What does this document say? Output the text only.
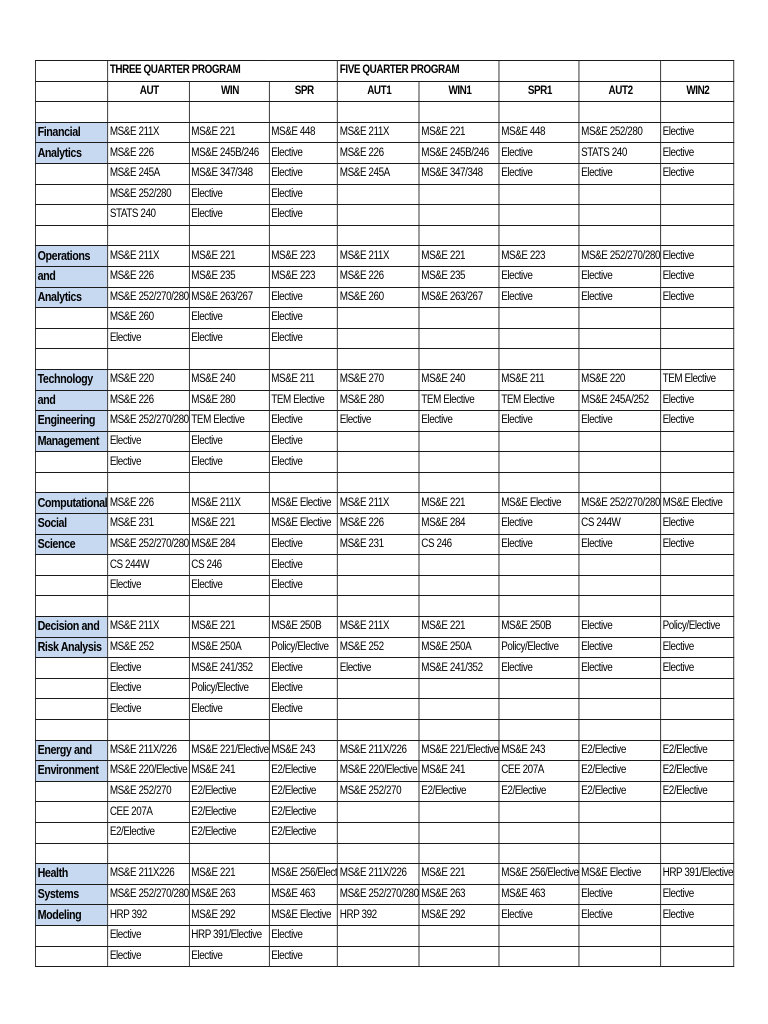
	THREE QUARTER PROGRAM			FIVE QUARTER PROGRAM				
	AUT	WIN	SPR	AUT1	WIN1	SPR1	AUT2	WIN2

Financial	MS&E 211X	MS&E 221	MS&E 448	MS&E 211X	MS&E 221	MS&E 448	MS&E 252/280	Elective
Analytics	MS&E 226	MS&E 245B/246	Elective	MS&E 226	MS&E 245B/246	Elective	STATS 240	Elective
	MS&E 245A	MS&E 347/348	Elective	MS&E 245A	MS&E 347/348	Elective	Elective	Elective
	MS&E 252/280	Elective	Elective					
	STATS 240	Elective	Elective					

Operations	MS&E 211X	MS&E 221	MS&E 223	MS&E 211X	MS&E 221	MS&E 223	MS&E 252/270/280	Elective
and	MS&E 226	MS&E 235	MS&E 223	MS&E 226	MS&E 235	Elective	Elective	Elective
Analytics	MS&E 252/270/280	MS&E 263/267	Elective	MS&E 260	MS&E 263/267	Elective	Elective	Elective
	MS&E 260	Elective	Elective					
	Elective	Elective	Elective					

Technology	MS&E 220	MS&E 240	MS&E 211	MS&E 270	MS&E 240	MS&E 211	MS&E 220	TEM Elective
and	MS&E 226	MS&E 280	TEM Elective	MS&E 280	TEM Elective	TEM Elective	MS&E 245A/252	Elective
Engineering	MS&E 252/270/280	TEM Elective	Elective	Elective	Elective	Elective	Elective	Elective
Management	Elective	Elective	Elective					
	Elective	Elective	Elective					

Computational	MS&E 226	MS&E 211X	MS&E Elective	MS&E 211X	MS&E 221	MS&E Elective	MS&E 252/270/280	MS&E Elective
Social	MS&E 231	MS&E 221	MS&E Elective	MS&E 226	MS&E 284	Elective	CS 244W	Elective
Science	MS&E 252/270/280	MS&E 284	Elective	MS&E 231	CS 246	Elective	Elective	Elective
	CS 244W	CS 246	Elective					
	Elective	Elective	Elective					

Decision and	MS&E 211X	MS&E 221	MS&E 250B	MS&E 211X	MS&E 221	MS&E 250B	Elective	Policy/Elective
Risk Analysis	MS&E 252	MS&E 250A	Policy/Elective	MS&E 252	MS&E 250A	Policy/Elective	Elective	Elective
	Elective	MS&E 241/352	Elective	Elective	MS&E 241/352	Elective	Elective	Elective
	Elective	Policy/Elective	Elective					
	Elective	Elective	Elective					

Energy and	MS&E 211X/226	MS&E 221/Elective	MS&E 243	MS&E 211X/226	MS&E 221/Elective	MS&E 243	E2/Elective	E2/Elective
Environment	MS&E 220/Elective	MS&E 241	E2/Elective	MS&E 220/Elective	MS&E 241	CEE 207A	E2/Elective	E2/Elective
	MS&E 252/270	E2/Elective	E2/Elective	MS&E 252/270	E2/Elective	E2/Elective	E2/Elective	E2/Elective
	CEE 207A	E2/Elective	E2/Elective					
	E2/Elective	E2/Elective	E2/Elective					

Health	MS&E 211X226	MS&E 221	MS&E 256/Elect	MS&E 211X/226	MS&E 221	MS&E 256/Elective	MS&E Elective	HRP 391/Elective
Systems	MS&E 252/270/280	MS&E 263	MS&E 463	MS&E 252/270/280	MS&E 263	MS&E 463	Elective	Elective
Modeling	HRP 392	MS&E 292	MS&E Elective	HRP 392	MS&E 292	Elective	Elective	Elective
	Elective	HRP 391/Elective	Elective					
	Elective	Elective	Elective					
